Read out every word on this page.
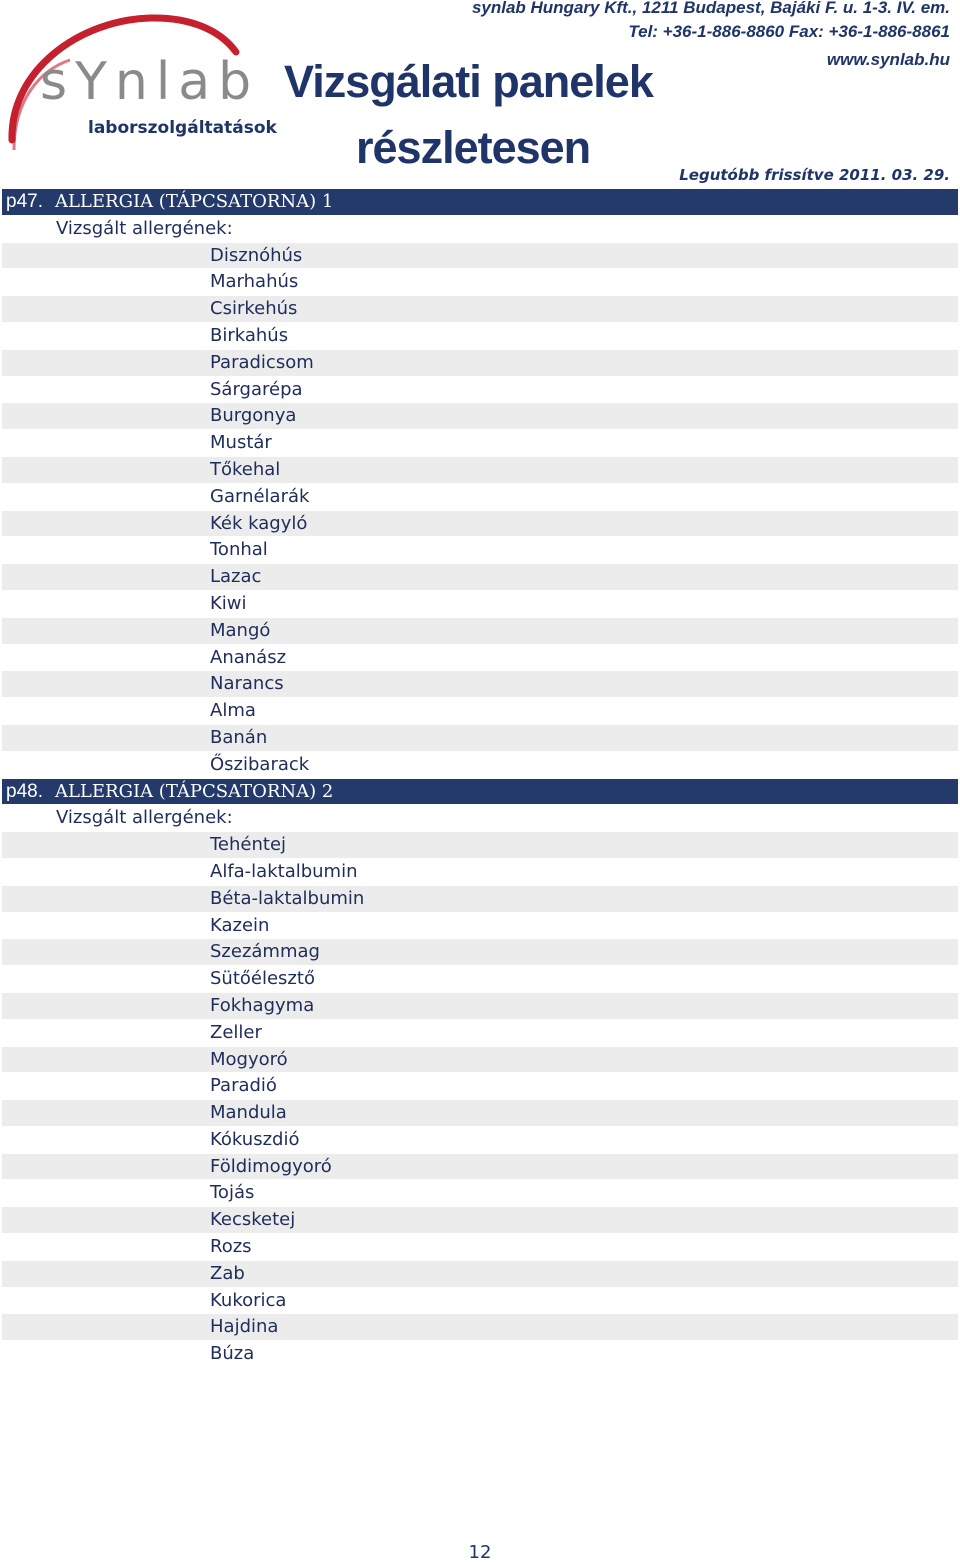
sYnlab
laborszolgáltatások
Vizsgálati panelek
részletesen
synlab Hungary Kft., 1211 Budapest, Bajáki F. u. 1-3. IV. em.
Tel: +36-1-886-8860 Fax: +36-1-886-8861
www.synlab.hu
Legutóbb frissítve 2011. 03. 29.
p47. ALLERGIA (TÁPCSATORNA) 1
Vizsgált allergének:
Disznóhús
Marhahús
Csirkehús
Birkahús
Paradicsom
Sárgarépa
Burgonya
Mustár
Tőkehal
Garnélarák
Kék kagyló
Tonhal
Lazac
Kiwi
Mangó
Ananász
Narancs
Alma
Banán
Őszibarack
p48. ALLERGIA (TÁPCSATORNA) 2
Vizsgált allergének:
Tehéntej
Alfa-laktalbumin
Béta-laktalbumin
Kazein
Szezámmag
Sütőélesztő
Fokhagyma
Zeller
Mogyoró
Paradió
Mandula
Kókuszdió
Földimogyoró
Tojás
Kecsketej
Rozs
Zab
Kukorica
Hajdina
Búza
12
